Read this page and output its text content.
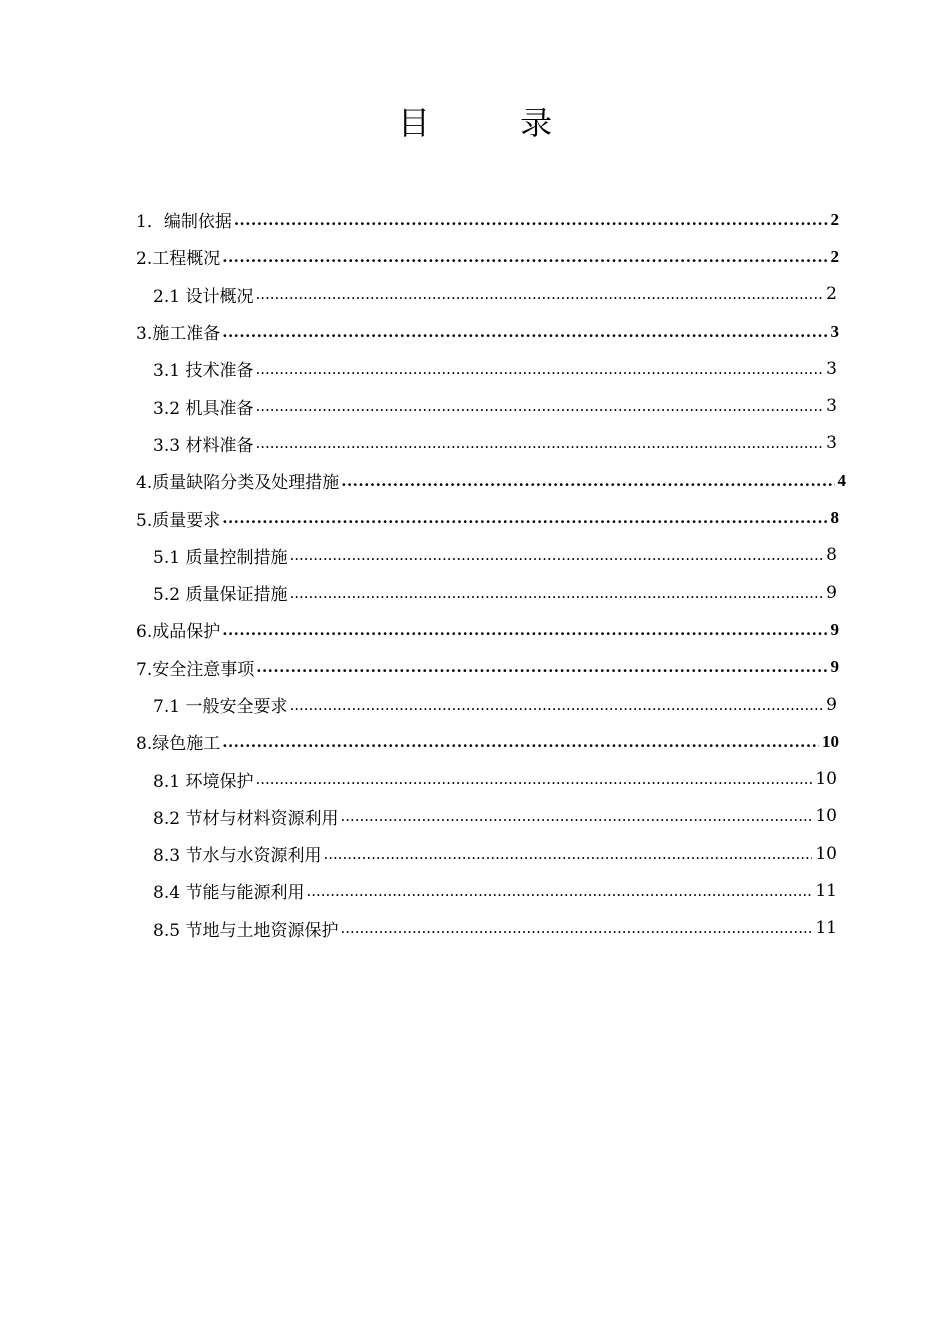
目 录
1．编制依据 .....	2
2.工程概况 .....	2
2.1 设计概况 .....	2
3.施工准备 .....	3
3.1 技术准备 .....	3
3.2 机具准备 .....	3
3.3 材料准备 .....	3
4.质量缺陷分类及处理措施 .....	4
5.质量要求 .....	8
5.1 质量控制措施 .....	8
5.2 质量保证措施 .....	9
6.成品保护 .....	9
7.安全注意事项 .....	9
7.1 一般安全要求 .....	9
8.绿色施工 .....	10
8.1 环境保护 .....	10
8.2 节材与材料资源利用 .....	10
8.3 节水与水资源利用 .....	10
8.4 节能与能源利用 .....	11
8.5 节地与土地资源保护 .....	11
